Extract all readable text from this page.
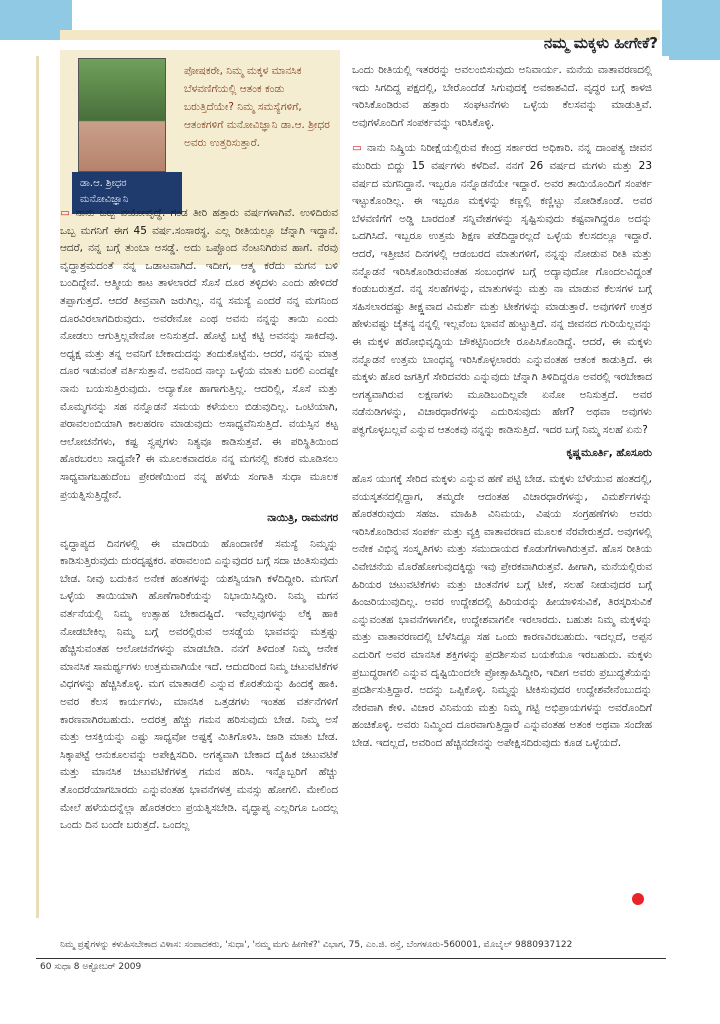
ನಮ್ಮ ಮಕ್ಕಳು ಹೀಗೇಕೆ?
ಡಾ.ಆ. ಶ್ರೀಧರ
ಮನೋವಿಜ್ಞಾನಿ
ಪೋಷಕರೇ, ನಿಮ್ಮ ಮಕ್ಕಳ ಮಾನಸಿಕ ಬೆಳವಣಿಗೆಯಲ್ಲಿ ಆತಂಕ ಕಂಡು ಬರುತ್ತಿದೆಯೇ? ನಿಮ್ಮ ಸಮಸ್ಯೆಗಳಿಗೆ, ಆತಂಕಗಳಿಗೆ ಮನೋವಿಜ್ಞಾನಿ ಡಾ.ಆ. ಶ್ರೀಧರ ಅವರು ಉತ್ತರಿಸುತ್ತಾರೆ.

▭ ನಾನು ಒಬ್ಬ ವಯೋವೃದ್ಧೆ. ಗಂಡ ತೀರಿ ಹತ್ತಾರು ವರ್ಷಗಳಾಗಿವೆ. ಉಳಿದಿರುವ ಒಬ್ಬ ಮಗನಿಗೆ ಈಗ 45 ವರ್ಷ.ಸಂಸಾರಸ್ಥ. ಎಲ್ಲ ರೀತಿಯಲ್ಲೂ ಚೆನ್ನಾಗಿ ಇದ್ದಾನೆ. ಆದರೆ, ನನ್ನ ಬಗ್ಗೆ ತುಂಬಾ ಅಸಡ್ಡೆ. ಅದು ಒಪ್ಪೊಂದ ನೆಂಟನಿಗಿರುವ ಹಾಗೆ. ನೆರವು ವೃದ್ಧಾಶ್ರಮದಂತೆ ನನ್ನ ಒಡಾಟವಾಗಿದೆ. ಇದೀಗ, ಆತ್ಮ ಕರೆದು ಮಗನ ಬಳಿ ಬಂದಿದ್ದೇನೆ. ಆತ್ಮೀಯ ಕಾಟ ತಾಳಲಾರದೆ ಸೊಸೆ ದೂರ ತಳ್ಳಿದಳು ಎಂದು ಹೇಳಿದರೆ ತಪ್ಪಾಗುತ್ತದೆ. ಆದರೆ ತೀವ್ರವಾಗಿ ಜರುಗಿಲ್ಲ. ನನ್ನ ಸಮಸ್ಯೆ ಎಂದರೆ ನನ್ನ ಮಗನಿಂದ ದೂರವಿರಲಾಗದಿರುವುದು. ಅವರೇನೋ ಎಂಥ ಅವನು ನನ್ನನ್ನು ತಾಯಿ ಎಂದು ನೋಡಲು ಆಗುತ್ತಿಲ್ಲವೇನೋ ಅನಿಸುತ್ತದೆ. ಹೊಟ್ಟೆ ಬಟ್ಟೆ ಕಟ್ಟಿ ಅವನನ್ನು ಸಾಕಿದೆವು. ಅಧ್ಯಕ್ಷ ಮತ್ತು ತನ್ನ ಅವನಿಗೆ ಬೇಕಾದುದನ್ನು ತಂದುಕೊಟ್ಟೆನು. ಆದರೆ, ನನ್ನನ್ನು ಮಾತ್ರ ದೂರ ಇಡುವಂತೆ ವರ್ತಿಸುತ್ತಾನೆ. ಅವನಿಂದ ನಾಲ್ಕು ಒಳ್ಳೆಯ ಮಾತು ಬರಲಿ ಎಂದಷ್ಟೇ ನಾನು ಬಯಸುತ್ತಿರುವುದು. ಅದ್ಯಾಕೋ ಹಾಗಾಗುತ್ತಿಲ್ಲ. ಆದರಿಲ್ಲಿ, ಸೊಸೆ ಮತ್ತು ಮೊಮ್ಮಗನನ್ನು ಸಹ ನನ್ನೊಡನೆ ಸಮಯ ಕಳೆಯಲು ಬಿಡುವುದಿಲ್ಲ. ಒಂಟಿಯಾಗಿ, ಪರಾವಲಂಬಿಯಾಗಿ ಕಾಲಹರಣ ಮಾಡುವುದು ಅಸಾಧ್ಯವೆನಿಸುತ್ತಿದೆ. ವಯಸ್ಸಿನ ಕಟ್ಟ ಆಲೋಚನೆಗಳು, ಕಷ್ಟ ಸ್ವಪ್ನಗಳು ನಿತ್ಯವೂ ಕಾಡಿಸುತ್ತವೆ. ಈ ಪರಿಸ್ಥಿತಿಯಿಂದ ಹೊರಬರಲು ಸಾಧ್ಯವೇ? ಈ ಮೂಲಕವಾದರೂ ನನ್ನ ಮಗನಲ್ಲಿ ಕನಿಕರ ಮೂಡಿಸಲು ಸಾಧ್ಯವಾಗಬಹುದೆಂಬ ಪ್ರೇರಣೆಯಿಂದ ನನ್ನ ಹಳೆಯ ಸಂಗಾತಿ ಸುಧಾ ಮೂಲಕ ಪ್ರಯತ್ನಿಸುತ್ತಿದ್ದೇನೆ.

ನಾಯಿತ್ರಿ, ರಾಮನಗರ

ವೃದ್ಧಾಪ್ಯದ ದಿನಗಳಲ್ಲಿ ಈ ಮಾದರಿಯ ಹೊಂದಾಣಿಕೆ ಸಮಸ್ಯೆ ನಿಮ್ಮನ್ನು ಕಾಡಿಸುತ್ತಿರುವುದು ದುರದೃಷ್ಟಕರ. ಪರಾವಲಂಬಿ ಎನ್ನುವುದರ ಬಗ್ಗೆ ಸದಾ ಚಿಂತಿಸುವುದು ಬೇಡ. ನೀವು ಬದುಕಿನ ಅನೇಕ ಹಂತಗಳನ್ನು ಯಶಸ್ವಿಯಾಗಿ ಕಳೆದಿದ್ದೀರಿ. ಮಗನಿಗೆ ಒಳ್ಳೆಯ ತಾಯಿಯಾಗಿ ಹೊಣೆಗಾರಿಕೆಯನ್ನು ನಿಭಾಯಿಸಿದ್ದೀರಿ. ನಿಮ್ಮ ಮಗನ ವರ್ತನೆಯಲ್ಲಿ ನಿಮ್ಮ ಉತ್ಸಾಹ ಬೇಕಾದಷ್ಟಿದೆ. ಇವೆಲ್ಲವುಗಳನ್ನು ಲೆಕ್ಕ ಹಾಕಿ ನೋಡಬೇಕಿಲ್ಲ ನಿಮ್ಮ ಬಗ್ಗೆ ಅವರಲ್ಲಿರುವ ಅಸಡ್ಡೆಯ ಭಾವವನ್ನು ಮತ್ತಷ್ಟು ಹೆಚ್ಚಿಸುವಂತಹ ಆಲೋಚನೆಗಳನ್ನು ಮಾಡಬೇಡಿ. ನನಗೆ ತಿಳಿದಂತೆ ನಿಮ್ಮ ಆನೇಕ ಮಾನಸಿಕ ಸಾಮರ್ಥ್ಯಗಳು ಉತ್ತಮವಾಗಿಯೇ ಇದೆ. ಆದುದರಿಂದ ನಿಮ್ಮ ಚಟುವಟಿಕೆಗಳ ವಿಧಗಳನ್ನು ಹೆಚ್ಚಿಸಿಕೊಳ್ಳಿ. ಮಗ ಮಾತಾಡಲಿ ಎನ್ನುವ ಕೊರತೆಯನ್ನು ಹಿಂದಕ್ಕೆ ಹಾಕಿ. ಅವರ ಕೆಲಸ ಕಾರ್ಯಗಳು, ಮಾನಸಿಕ ಒತ್ತಡಗಳು ಇಂತಹ ವರ್ತನೆಗಳಿಗೆ ಕಾರಣವಾಗಿರಬಹುದು. ಅದರತ್ತ ಹೆಚ್ಚು ಗಮನ ಹರಿಸುವುದು ಬೇಡ. ನಿಮ್ಮ ಅಸೆ ಮತ್ತು ಆಸಕ್ತಿಯನ್ನು ಎಷ್ಟು ಸಾಧ್ಯವೋ ಅಷ್ಟಕ್ಕೆ ಮಿತಿಗೊಳಿಸಿ. ಜಾಡಿ ಮಾತು ಬೇಡ. ಸಿಕ್ಕಾಪಟ್ಟೆ ಆನುಕೂಲವನ್ನು ಅಪೇಕ್ಷಿಸದಿರಿ. ಅಗತ್ಯವಾಗಿ ಬೇಕಾದ ದೈಹಿಕ ಚಟುವಟಿಕೆ ಮತ್ತು ಮಾನಸಿಕ ಚಟುವಟಿಕೆಗಳತ್ತ ಗಮನ ಹರಿಸಿ. ಇನ್ನೊಬ್ಬರಿಗೆ ಹೆಚ್ಚು ತೊಂದರೆಯಾಗಬಾರದು ಎನ್ನುವಂತಹ ಭಾವನೆಗಳತ್ತ ಮನಸ್ಸು ಹೋಗಲಿ. ಮೇಲಿಂದ ಮೇಲೆ ಹಳೆಯದನ್ನೆಲ್ಲಾ ಹೊರತರಲು ಪ್ರಯತ್ನಿಸಬೇಡಿ. ವೃದ್ಧಾಪ್ಯ ಎಲ್ಲರಿಗೂ ಒಂದಲ್ಲ ಒಂದು ದಿನ ಬಂದೇ ಬರುತ್ತದೆ. ಒಂದಲ್ಲ

ಒಂದು ರೀತಿಯಲ್ಲಿ ಇತರರನ್ನು ಅವಲಂಬಿಸುವುದು ಅನಿವಾರ್ಯ. ಮನೆಯ ವಾತಾವರಣದಲ್ಲಿ ಇದು ಸಿಗದಿದ್ದ ಪಕ್ಷದಲ್ಲಿ, ಬೇರೊಂದೆಡೆ ಸಿಗುವುದಕ್ಕೆ ಅವಕಾಶವಿದೆ. ವೃದ್ಧರ ಬಗ್ಗೆ ಕಾಳಜಿ ಇರಿಸಿಕೊಂಡಿರುವ ಹತ್ತಾರು ಸಂಘಟನೆಗಳು ಒಳ್ಳೆಯ ಕೆಲಸವನ್ನು ಮಾಡುತ್ತಿವೆ. ಅವುಗಳೊಂದಿಗೆ ಸಂಪರ್ಕವನ್ನು ಇರಿಸಿಕೊಳ್ಳಿ.

▭ ನಾನು ನಿಷ್ಕ್ರಿಯ ನಿರೀಕ್ಷೆಯಲ್ಲಿರುವ ಕೇಂದ್ರ ಸರ್ಕಾರದ ಅಧಿಕಾರಿ. ನನ್ನ ದಾಂಪತ್ಯ ಜೀವನ ಮುರಿದು ಬಿದ್ದು 15 ವರ್ಷಗಳು ಕಳೆದಿವೆ. ನನಗೆ 26 ವರ್ಷದ ಮಗಳು ಮತ್ತು 23 ವರ್ಷದ ಮಗನಿದ್ದಾನೆ. ಇಬ್ಬರೂ ನನ್ನೊಡನೆಯೇ ಇದ್ದಾರೆ. ಅವರ ತಾಯಿಯೊಂದಿಗೆ ಸಂಪರ್ಕ ಇಟ್ಟುಕೊಂಡಿಲ್ಲ. ಈ ಇಬ್ಬರೂ ಮಕ್ಕಳನ್ನು ಕಣ್ಣಲ್ಲಿ ಕಣ್ಣಿಟ್ಟು ನೋಡಿಕೊಂಡೆ. ಅವರ ಬೆಳವಣಿಗೆಗೆ ಅಡ್ಡಿ ಬಾರದಂತೆ ಸನ್ನಿವೇಶಗಳನ್ನು ಸೃಷ್ಟಿಸುವುದು ಕಷ್ಟವಾಗಿದ್ದರೂ ಅದನ್ನು ಒದಗಿಸಿದೆ. ಇಬ್ಬರೂ ಉತ್ತಮ ಶಿಕ್ಷಣ ಪಡೆದಿದ್ದಾರಲ್ಲದೆ ಒಳ್ಳೆಯ ಕೆಲಸದಲ್ಲೂ ಇದ್ದಾರೆ. ಆದರೆ, ಇತ್ತೀಚಿನ ದಿನಗಳಲ್ಲಿ ಆಡಂಬರದ ಮಾತುಗಳಿಗೆ, ನನ್ನನ್ನು ನೋಡುವ ರೀತಿ ಮತ್ತು ನನ್ನೊಡನೆ ಇರಿಸಿಕೊಂಡಿರುವಂತಹ ಸಂಬಂಧಗಳ ಬಗ್ಗೆ ಅದ್ಯಾವುದೋ ಗೊಂದಲವಿದ್ದಂತೆ ಕಂಡುಬರುತ್ತದೆ. ನನ್ನ ಸಲಹೆಗಳನ್ನು, ಮಾತುಗಳನ್ನು ಮತ್ತು ನಾ ಮಾಡುವ ಕೆಲಸಗಳ ಬಗ್ಗೆ ಸಹಿಸಲಾರದಷ್ಟು ತೀಕ್ಷ್ಣವಾದ ವಿಮರ್ಶೆ ಮತ್ತು ಟೀಕೆಗಳನ್ನು ಮಾಡುತ್ತಾರೆ. ಅವುಗಳಿಗೆ ಉತ್ತರ ಹೇಳುವಷ್ಟು ಚೈತನ್ಯ ನನ್ನಲ್ಲಿ ಇಲ್ಲವೆಂಬ ಭಾವನೆ ಹುಟ್ಟುತ್ತಿದೆ. ನನ್ನ ಜೀವನದ ಗುರಿಯೆಲ್ಲವನ್ನು ಈ ಮಕ್ಕಳ ಹರೋಭಿವೃದ್ಧಿಯ ಚೌಕಟ್ಟಿನಿಂದಲೇ ರೂಪಿಸಿಕೊಂಡಿದ್ದೆ. ಆದರೆ, ಈ ಮಕ್ಕಳು ನನ್ನೊಡನೆ ಉತ್ತಮ ಬಾಂಧವ್ಯ ಇರಿಸಿಕೊಳ್ಳಲಾರರು ಎನ್ನುವಂತಹ ಆತಂಕ ಕಾಡುತ್ತಿದೆ. ಈ ಮಕ್ಕಳು ಹೊರ ಜಗತ್ತಿಗೆ ಸೇರಿದವರು ಎನ್ನುವುದು ಚೆನ್ನಾಗಿ ತಿಳಿದಿದ್ದರೂ ಅವರಲ್ಲಿ ಇರಬೇಕಾದ ಅಗತ್ಯವಾಗಿರುವ ಲಕ್ಷಣಗಳು ಮೂಡಿಬಂದಿಲ್ಲವೇ ಏನೋ ಅನಿಸುತ್ತದೆ. ಅವರ ನಡೆನುಡಿಗಳನ್ನು, ವಿಚಾರಧಾರೆಗಳನ್ನು ಎದುರಿಸುವುದು ಹೇಗೆ? ಅಥವಾ ಅವುಗಳು ಪಕ್ವಗೊಳ್ಳಬಲ್ಲವೆ ಎನ್ನುವ ಆತಂಕವು ನನ್ನನ್ನು ಕಾಡಿಸುತ್ತಿದೆ. ಇದರ ಬಗ್ಗೆ ನಿಮ್ಮ ಸಲಹೆ ಏನು?

ಕೃಷ್ಣಮೂರ್ತಿ, ಹೊಸೂರು

ಹೊಸ ಯುಗಕ್ಕೆ ಸೇರಿದ ಮಕ್ಕಳು ಎನ್ನುವ ಹಣೆ ಪಟ್ಟಿ ಬೇಡ. ಮಕ್ಕಳು ಬೆಳೆಯುವ ಹಂತದಲ್ಲಿ, ವಯಸ್ಕತನದಲ್ಲಿದ್ದಾಗ, ತಮ್ಮದೇ ಆದಂತಹ ವಿಚಾರಧಾರೆಗಳನ್ನು, ವಿಮರ್ಶೆಗಳನ್ನು ಹೊರತರುವುದು ಸಹಜ. ಮಾಹಿತಿ ವಿನಿಮಯ, ವಿಷಯ ಸಂಗ್ರಹಣೆಗಳು ಅವರು ಇರಿಸಿಕೊಂಡಿರುವ ಸಂಪರ್ಕ ಮತ್ತು ವ್ಯಕ್ತಿ ವಾತಾವರಣದ ಮೂಲಕ ನೆರವೇರುತ್ತದೆ. ಅವುಗಳಲ್ಲಿ ಅನೇಕ ವಿಭಿನ್ನ ಸಂಸ್ಕೃತಿಗಳು ಮತ್ತು ಸಮುದಾಯದ ಕೊಡುಗೆಗಳಾಗಿರುತ್ತವೆ. ಹೊಸ ರೀತಿಯ ವಿವೇಚನೆಯ ಮೊರೆಹೋಗುವುದಕ್ಕಿದ್ದು ಇವು ಪ್ರೇರಕವಾಗಿರುತ್ತವೆ. ಹೀಗಾಗಿ, ಮನೆಯಲ್ಲಿರುವ ಹಿರಿಯರ ಚಟುವಟಿಕೆಗಳು ಮತ್ತು ಚಿಂತನೆಗಳ ಬಗ್ಗೆ ಟೀಕೆ, ಸಲಹೆ ನೀಡುವುದರ ಬಗ್ಗೆ ಹಿಂಜರಿಯುವುದಿಲ್ಲ. ಅವರ ಉದ್ದೇಶದಲ್ಲಿ ಹಿರಿಯರನ್ನು ಹೀಯಾಳಿಸುವಿಕೆ, ತಿರಸ್ಕರಿಸುವಿಕೆ ಎನ್ನುವಂತಹ ಭಾವನೆಗಳಾಗಲೀ, ಉದ್ದೇಶವಾಗಲೀ ಇರಲಾರದು. ಬಹುಶಃ ನಿಮ್ಮ ಮಕ್ಕಳನ್ನು ಮತ್ತು ವಾತಾವರಣದಲ್ಲಿ ಬೆಳೆಸಿದ್ದೂ ಸಹ ಒಂದು ಕಾರಣವಿರಬಹುದು. ಇದಲ್ಲದೆ, ಅಪ್ಪನ ಎದುರಿಗೆ ಅವರ ಮಾನಸಿಕ ಶಕ್ತಿಗಳನ್ನು ಪ್ರದರ್ಶಿಸುವ ಬಯಕೆಯೂ ಇರಬಹುದು. ಮಕ್ಕಳು ಪ್ರಬುದ್ಧರಾಗಲಿ ಎನ್ನುವ ದೃಷ್ಟಿಯಿಂದಲೇ ಪ್ರೋತ್ಸಾಹಿಸಿದ್ದೀರಿ, ಇದೀಗ ಅವರು ಪ್ರಬುದ್ಧತೆಯನ್ನು ಪ್ರದರ್ಶಿಸುತ್ತಿದ್ದಾರೆ. ಅದನ್ನು ಒಪ್ಪಿಕೊಳ್ಳಿ. ನಿಮ್ಮನ್ನು ಟೀಕಿಸುವುದರ ಉದ್ದೇಶವೇನೆಂಬುದನ್ನು ನೇರವಾಗಿ ಕೇಳಿ. ವಿಚಾರ ವಿನಿಮಯ ಮತ್ತು ನಿಮ್ಮ ಗಟ್ಟಿ ಅಭಿಪ್ರಾಯಗಳನ್ನು ಅವರೊಂದಿಗೆ ಹಂಚಿಕೊಳ್ಳಿ. ಅವರು ನಿಮ್ಮಿಂದ ದೂರವಾಗುತ್ತಿದ್ದಾರೆ ಎನ್ನುವಂತಹ ಅತಂಕ ಅಥವಾ ಸಂದೇಹ ಬೇಡ. ಇದಲ್ಲದೆ, ಅವರಿಂದ ಹೆಚ್ಚಿನದೇನನ್ನು ಅಪೇಕ್ಷಿಸದಿರುವುದು ಕೂಡ ಒಳ್ಳೆಯದೆ.

ನಿಮ್ಮ ಪ್ರಶ್ನೆಗಳನ್ನು ಕಳುಹಿಸಬೇಕಾದ ವಿಳಾಸ: ಸಂಪಾದಕರು, 'ಸುಧಾ', 'ನಮ್ಮ ಮಗು ಹೀಗೇಕೆ?' ವಿಭಾಗ, 75, ಎಂ.ಜಿ. ರಸ್ತೆ, ಬೆಂಗಳೂರು-560001, ಮೊಬೈಲ್ 9880937122
60 ಸುಧಾ 8 ಅಕ್ಟೋಬರ್ 2009
